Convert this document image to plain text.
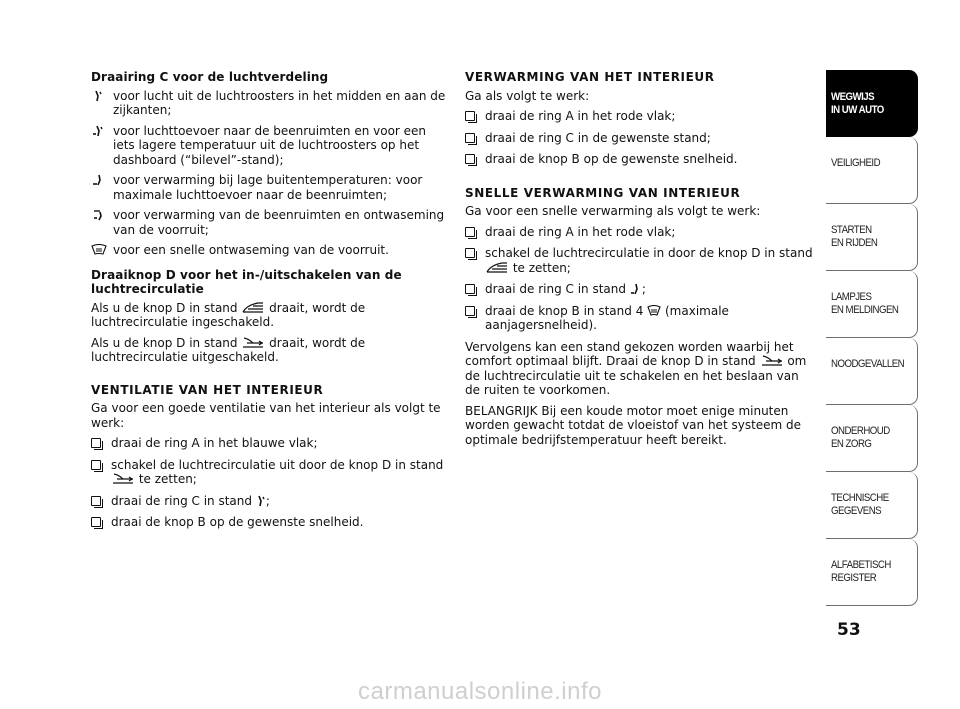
Draairing C voor de luchtverdeling
voor lucht uit de luchtroosters in het midden en aan de zijkanten;
voor luchttoevoer naar de beenruimten en voor een iets lagere temperatuur uit de luchtroosters op het dashboard (“bilevel”-stand);
voor verwarming bij lage buitentemperaturen: voor maximale luchttoevoer naar de beenruimten;
voor verwarming van de beenruimten en ontwaseming van de voorruit;
voor een snelle ontwaseming van de voorruit.
Draaiknop D voor het in-/uitschakelen van de luchtrecirculatie

Als u de knop D in stand	draait, wordt de luchtrecirculatie ingeschakeld.

Als u de knop D in stand	draait, wordt de luchtrecirculatie uitgeschakeld.

VENTILATIE VAN HET INTERIEUR

Ga voor een goede ventilatie van het interieur als volgt te werk:

draai de ring A in het blauwe vlak;
schakel de luchtrecirculatie uit door de knop D in stand
te zetten;
draai de ring C in stand ;
draai de knop B op de gewenste snelheid.
VERWARMING VAN HET INTERIEUR

Ga als volgt te werk:

draai de ring A in het rode vlak;
draai de ring C in de gewenste stand;
draai de knop B op de gewenste snelheid.
SNELLE VERWARMING VAN INTERIEUR

Ga voor een snelle verwarming als volgt te werk:

draai de ring A in het rode vlak;
schakel de luchtrecirculatie in door de knop D in stand
te zetten;
draai de ring C in stand ;
draai de knop B in stand 4 (maximale aanjagersnelheid).

Vervolgens kan een stand gekozen worden waarbij het comfort optimaal blijft. Draai de knop D in stand	om de luchtrecirculatie uit te schakelen en het beslaan van de ruiten te voorkomen.

BELANGRIJK Bij een koude motor moet enige minuten worden gewacht totdat de vloeistof van het systeem de optimale bedrijfstemperatuur heeft bereikt.

WEGWIJS
IN UW AUTO
VEILIGHEID
STARTEN
EN RIJDEN
LAMPJES
EN MELDINGEN
NOODGEVALLEN
ONDERHOUD
EN ZORG
TECHNISCHE
GEGEVENS
ALFABETISCH
REGISTER
53
carmanualsonline.info
